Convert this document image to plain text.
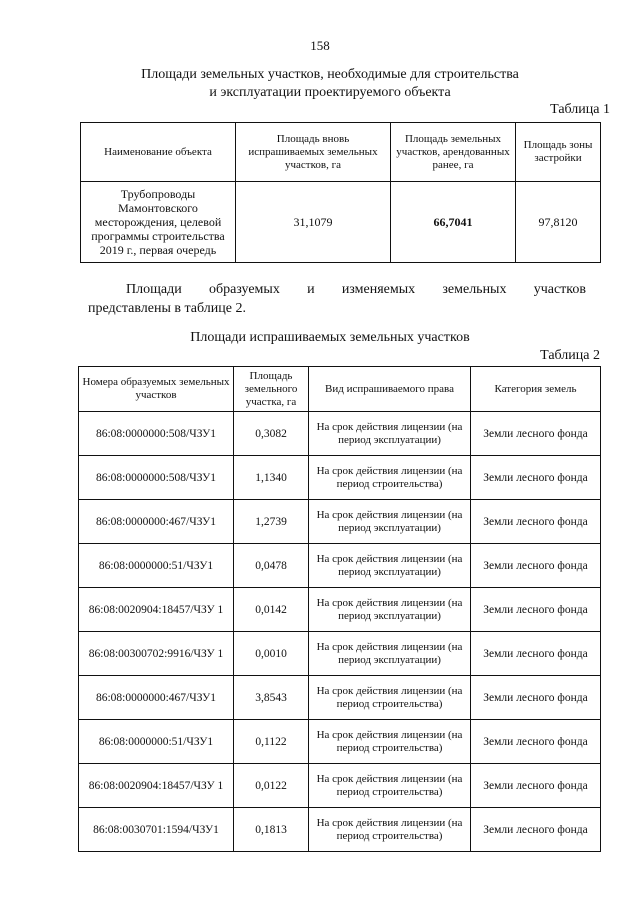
158
Площади земельных участков, необходимые для строительства
и эксплуатации проектируемого объекта
Таблица 1
Наименование объекта	Площадь вновь испрашиваемых земельных участков, га	Площадь земельных участков, арендованных ранее, га	Площадь зоны застройки
Трубопроводы Мамонтовского месторождения, целевой программы строительства 2019 г., первая очередь	31,1079	66,7041	97,8120
Площади образуемых и изменяемых земельных участков
представлены в таблице 2.
Площади испрашиваемых земельных участков
Таблица 2
Номера образуемых земельных участков	Площадь земельного участка, га	Вид испрашиваемого права	Категория земель
86:08:0000000:508/ЧЗУ1	0,3082	На срок действия лицензии (на период эксплуатации)	Земли лесного фонда
86:08:0000000:508/ЧЗУ1	1,1340	На срок действия лицензии (на период строительства)	Земли лесного фонда
86:08:0000000:467/ЧЗУ1	1,2739	На срок действия лицензии (на период эксплуатации)	Земли лесного фонда
86:08:0000000:51/ЧЗУ1	0,0478	На срок действия лицензии (на период эксплуатации)	Земли лесного фонда
86:08:0020904:18457/ЧЗУ 1	0,0142	На срок действия лицензии (на период эксплуатации)	Земли лесного фонда
86:08:00300702:9916/ЧЗУ 1	0,0010	На срок действия лицензии (на период эксплуатации)	Земли лесного фонда
86:08:0000000:467/ЧЗУ1	3,8543	На срок действия лицензии (на период строительства)	Земли лесного фонда
86:08:0000000:51/ЧЗУ1	0,1122	На срок действия лицензии (на период строительства)	Земли лесного фонда
86:08:0020904:18457/ЧЗУ 1	0,0122	На срок действия лицензии (на период строительства)	Земли лесного фонда
86:08:0030701:1594/ЧЗУ1	0,1813	На срок действия лицензии (на период строительства)	Земли лесного фонда
